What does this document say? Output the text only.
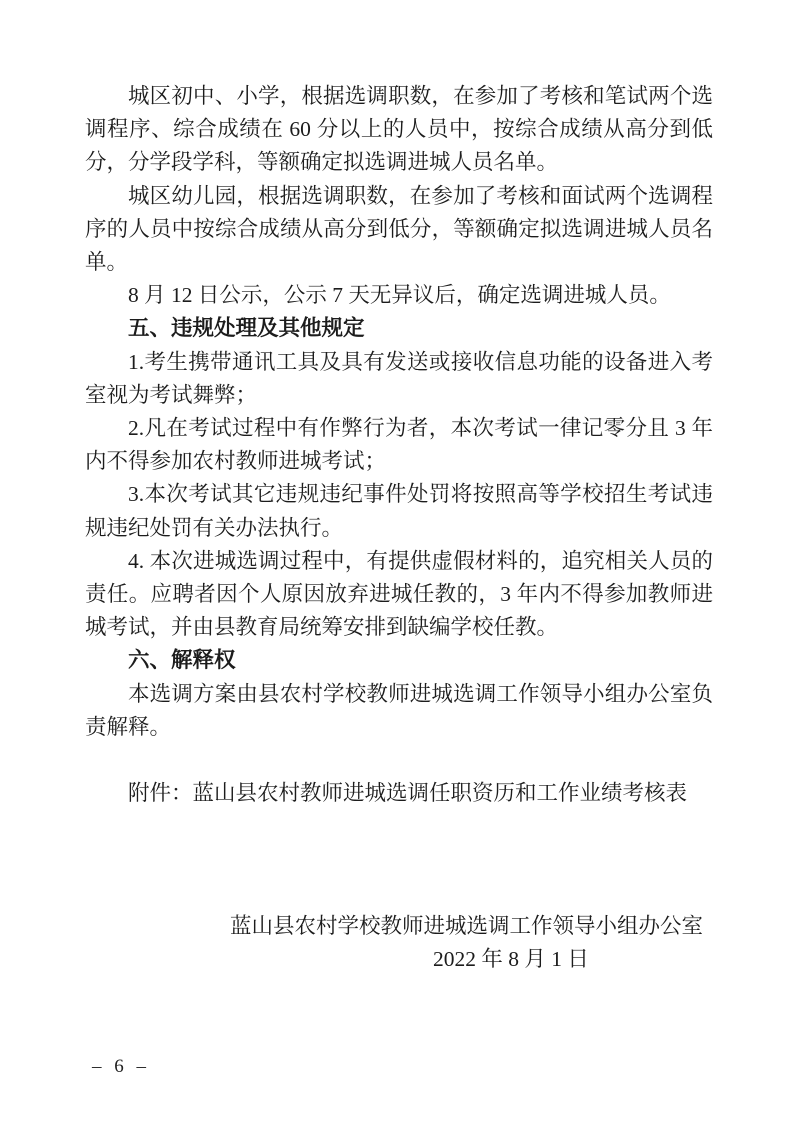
城区初中、小学，根据选调职数，在参加了考核和笔试两个选调程序、综合成绩在 60 分以上的人员中，按综合成绩从高分到低分，分学段学科，等额确定拟选调进城人员名单。

城区幼儿园，根据选调职数，在参加了考核和面试两个选调程序的人员中按综合成绩从高分到低分，等额确定拟选调进城人员名单。

8 月 12 日公示，公示 7 天无异议后，确定选调进城人员。

五、违规处理及其他规定

1.考生携带通讯工具及具有发送或接收信息功能的设备进入考室视为考试舞弊；

2.凡在考试过程中有作弊行为者，本次考试一律记零分且 3 年内不得参加农村教师进城考试；

3.本次考试其它违规违纪事件处罚将按照高等学校招生考试违规违纪处罚有关办法执行。

4. 本次进城选调过程中，有提供虚假材料的，追究相关人员的责任。应聘者因个人原因放弃进城任教的，3 年内不得参加教师进城考试，并由县教育局统筹安排到缺编学校任教。

六、解释权

本选调方案由县农村学校教师进城选调工作领导小组办公室负责解释。

附件：蓝山县农村教师进城选调任职资历和工作业绩考核表

蓝山县农村学校教师进城选调工作领导小组办公室

2022 年 8 月 1 日

– 6 –
